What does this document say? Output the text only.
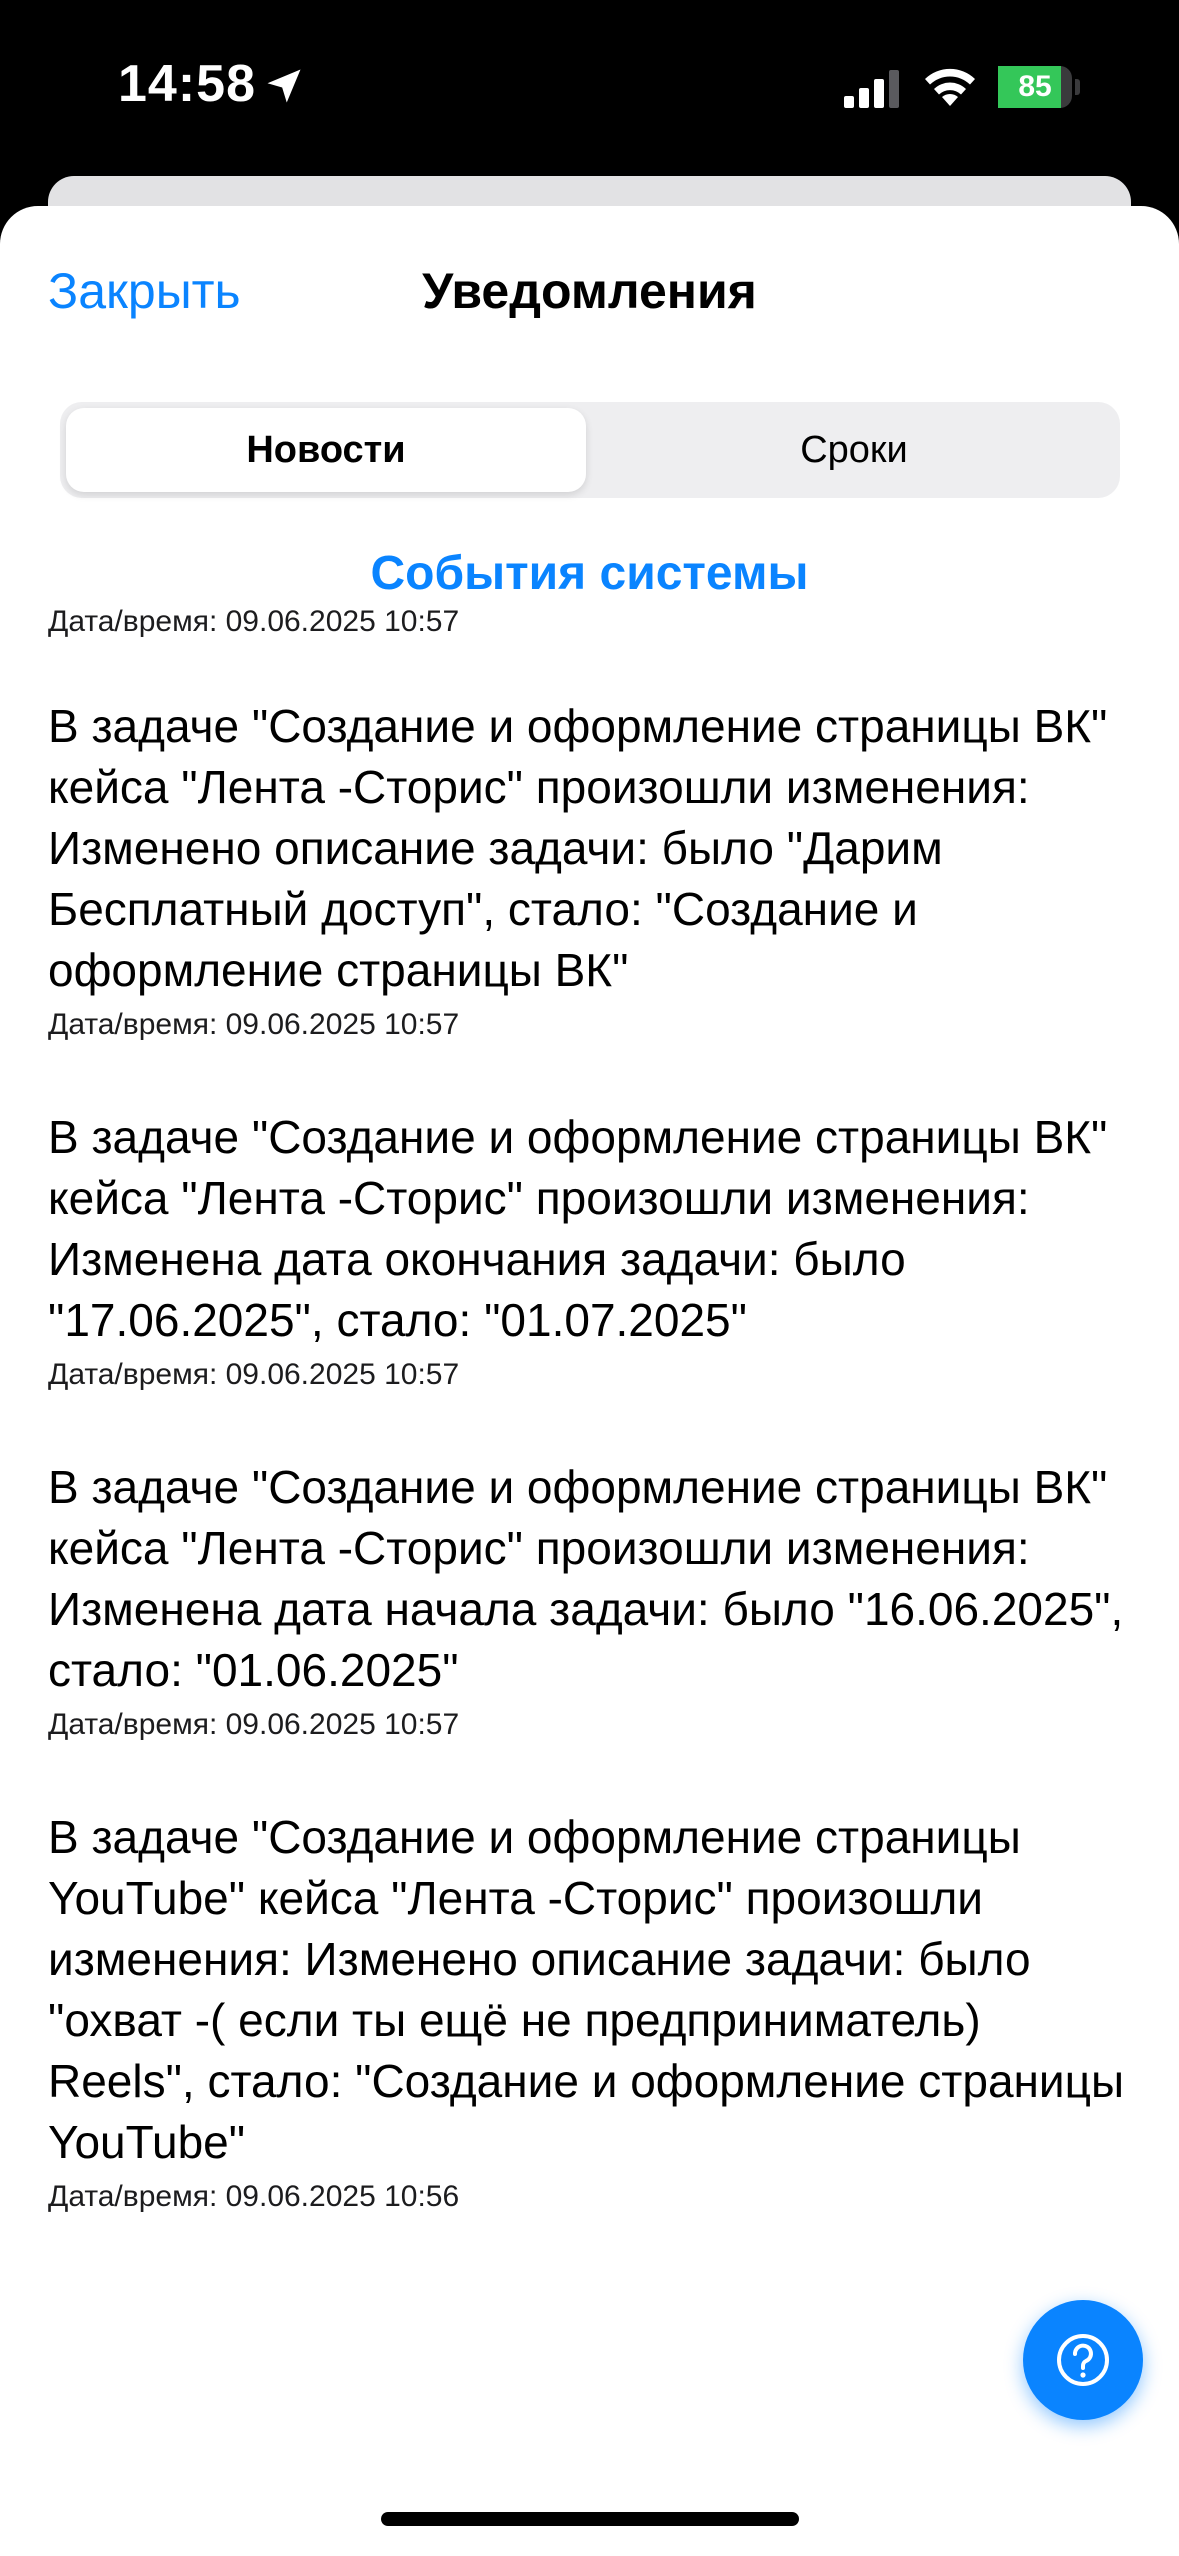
14:58	85
Закрыть	Уведомления
Новости	Сроки
События системы
Дата/время: 09.06.2025 10:57
В задаче "Создание и оформление страницы ВК" кейса "Лента -Сторис" произошли изменения: Изменено описание задачи: было "Дарим Бесплатный доступ", стало: "Создание и оформление страницы ВК"
Дата/время: 09.06.2025 10:57
В задаче "Создание и оформление страницы ВК" кейса "Лента -Сторис" произошли изменения: Изменена дата окончания задачи: было "17.06.2025", стало: "01.07.2025"
Дата/время: 09.06.2025 10:57
В задаче "Создание и оформление страницы ВК" кейса "Лента -Сторис" произошли изменения: Изменена дата начала задачи: было "16.06.2025", стало: "01.06.2025"
Дата/время: 09.06.2025 10:57
В задаче "Создание и оформление страницы YouTube" кейса "Лента -Сторис" произошли изменения: Изменено описание задачи: было "охват -( если ты ещё не предприниматель) Reels", стало: "Создание и оформление страницы YouTube"
Дата/время: 09.06.2025 10:56
